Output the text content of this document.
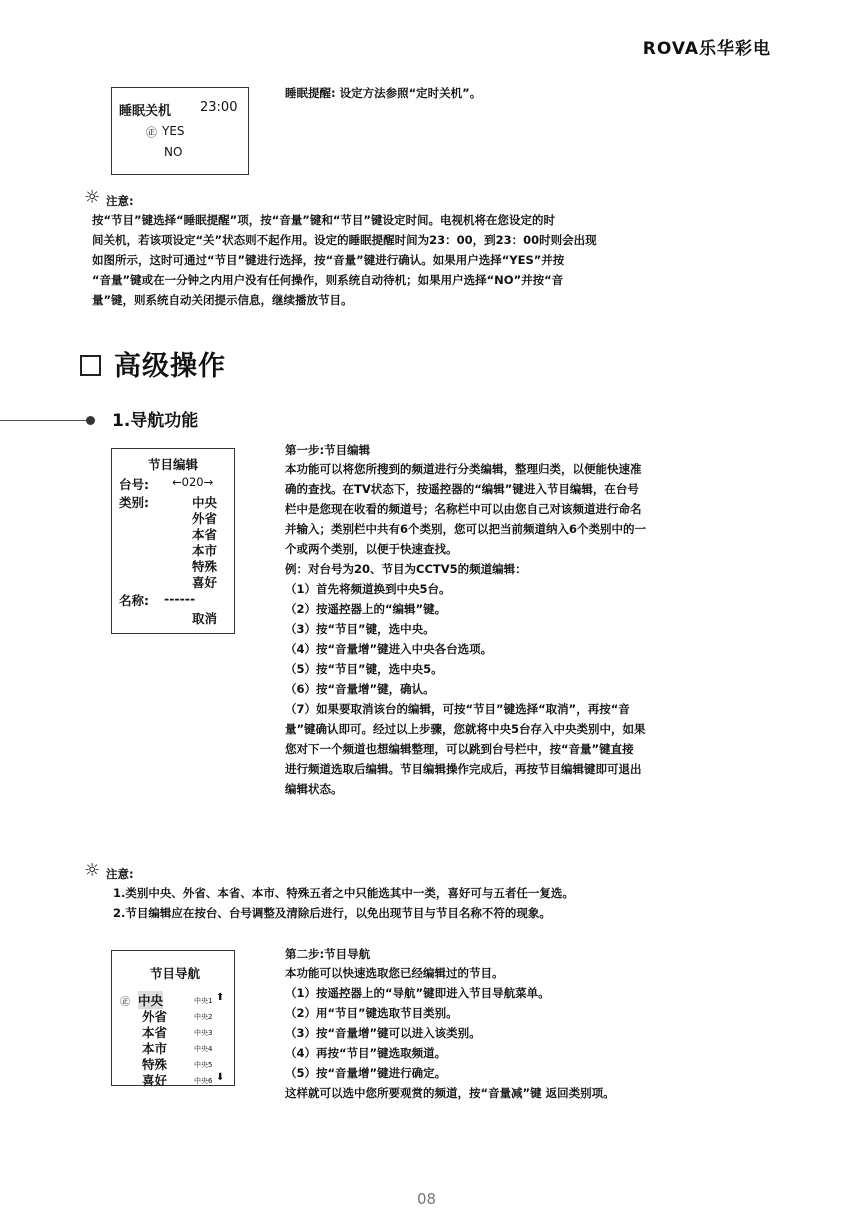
ROVA乐华彩电
睡眠关机 23:00
㊣ YES
NO
睡眠提醒: 设定方法参照“定时关机”。
☼ 注意:
按“节目”键选择“睡眠提醒”项，按“音量”键和“节目”键设定时间。电视机将在您设定的时
间关机，若该项设定“关”状态则不起作用。设定的睡眠提醒时间为23：00，到23：00时则会出现
如图所示，这时可通过“节目”键进行选择，按“音量”键进行确认。如果用户选择“YES”并按
“音量”键或在一分钟之内用户没有任何操作，则系统自动待机；如果用户选择“NO”并按“音
量”键，则系统自动关闭提示信息，继续播放节目。
高级操作
1.导航功能
节目编辑
台号: ←020→
类别:	中央
外省
本省
本市
特殊
喜好
名称: ------
取消
第一步:节目编辑
本功能可以将您所搜到的频道进行分类编辑，整理归类，以便能快速准
确的查找。在TV状态下，按遥控器的“编辑”键进入节目编辑，在台号
栏中是您现在收看的频道号；名称栏中可以由您自己对该频道进行命名
并输入；类别栏中共有6个类别，您可以把当前频道纳入6个类别中的一
个或两个类别，以便于快速查找。
例：对台号为20、节目为CCTV5的频道编辑：
（1）首先将频道换到中央5台。
（2）按遥控器上的“编辑”键。
（3）按“节目”键，选中央。
（4）按“音量增”键进入中央各台选项。
（5）按“节目”键，选中央5。
（6）按“音量增”键，确认。
（7）如果要取消该台的编辑，可按“节目”键选择“取消”，再按“音
量”键确认即可。经过以上步骤，您就将中央5台存入中央类别中，如果
您对下一个频道也想编辑整理，可以跳到台号栏中，按“音量”键直接
进行频道选取后编辑。节目编辑操作完成后，再按节目编辑键即可退出
编辑状态。
☼ 注意:
1.类别中央、外省、本省、本市、特殊五者之中只能选其中一类，喜好可与五者任一复选。
2.节目编辑应在按台、台号调整及清除后进行，以免出现节目与节目名称不符的现象。
节目导航
㊣ 中央
外省
本省
本市
特殊
喜好
中央1
中央2
中央3
中央4
中央5
中央6
⬆
⬇
第二步:节目导航
本功能可以快速选取您已经编辑过的节目。
（1）按遥控器上的“导航”键即进入节目导航菜单。
（2）用“节目”键选取节目类别。
（3）按“音量增”键可以进入该类别。
（4）再按“节目”键选取频道。
（5）按“音量增”键进行确定。
这样就可以选中您所要观赏的频道，按“音量减”键 返回类别项。
08
